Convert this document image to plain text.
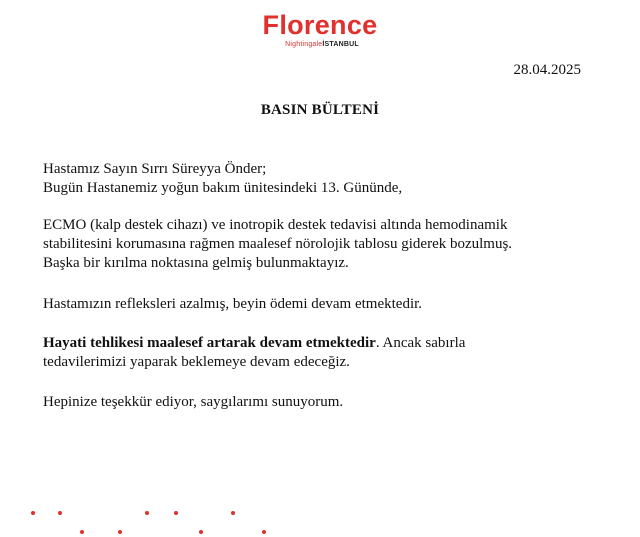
Florence
NightingaleİSTANBUL
28.04.2025
BASIN BÜLTENİ

Hastamız Sayın Sırrı Süreyya Önder;
Bugün Hastanemiz yoğun bakım ünitesindeki 13. Gününde,

ECMO (kalp destek cihazı) ve inotropik destek tedavisi altında hemodinamik
stabilitesini korumasına rağmen maalesef nörolojik tablosu giderek bozulmuş.
Başka bir kırılma noktasına gelmiş bulunmaktayız.

Hastamızın refleksleri azalmış, beyin ödemi devam etmektedir.

Hayati tehlikesi maalesef artarak devam etmektedir. Ancak sabırla
tedavilerimizi yaparak beklemeye devam edeceğiz.

Hepinize teşekkür ediyor, saygılarımı sunuyorum.
